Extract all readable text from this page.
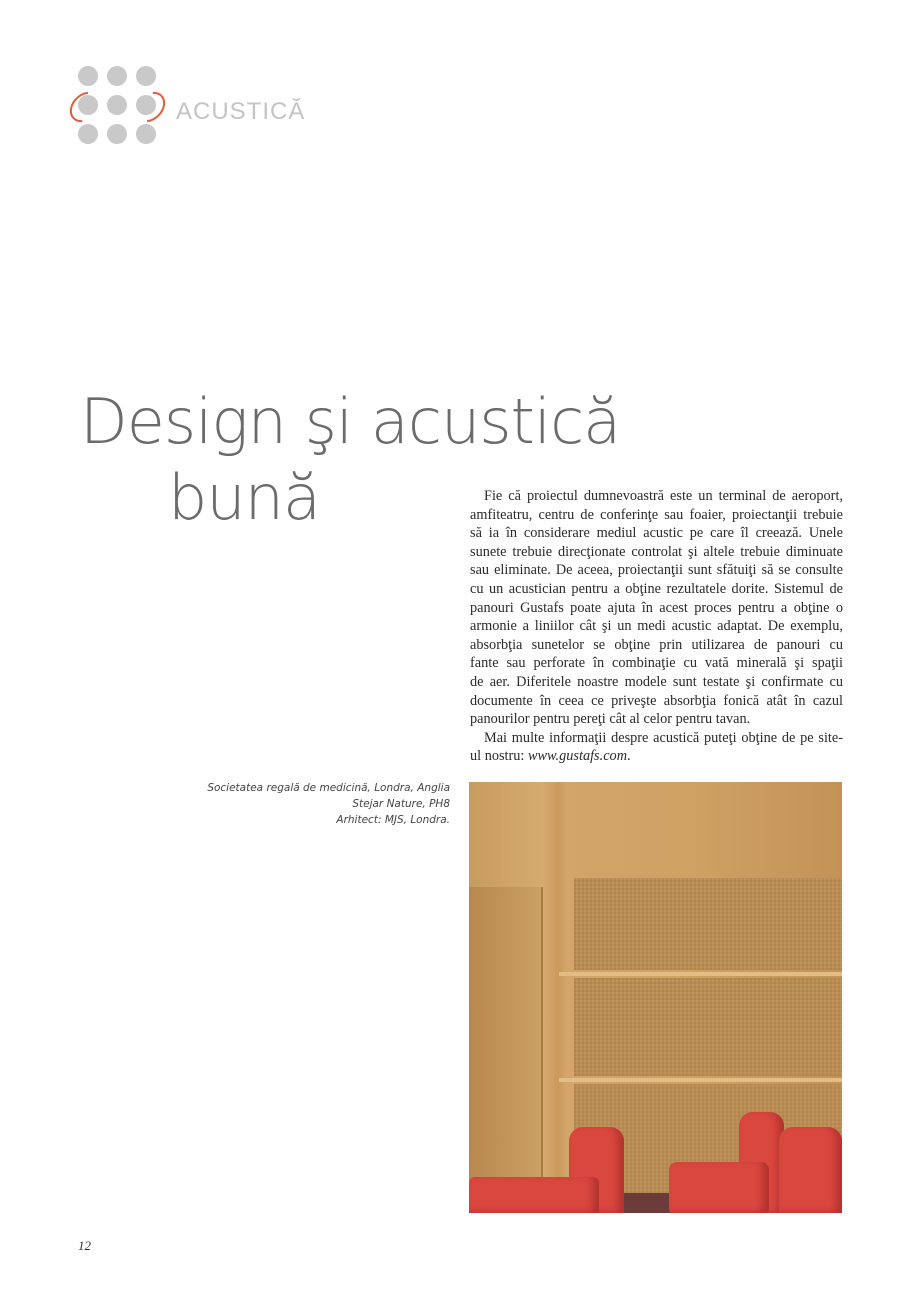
ACUSTICĂ
Design şi acustică
bună	Fie că proiectul dumnevoastră este un terminal de aeroport,
amfiteatru, centru de conferinţe sau foaier, proiectanţii trebuie
să ia în considerare mediul acustic pe care îl creează. Unele
sunete trebuie direcţionate controlat şi altele trebuie diminuate
sau eliminate. De aceea, proiectanţii sunt sfătuiţi să se consulte
cu un acustician pentru a obţine rezultatele dorite. Sistemul de
panouri Gustafs poate ajuta în acest proces pentru a obţine o
armonie a liniilor cât şi un medi acustic adaptat. De exemplu,
absorbţia sunetelor se obţine prin utilizarea de panouri cu
fante sau perforate în combinaţie cu vată minerală şi spaţii
de aer. Diferitele noastre modele sunt testate şi confirmate cu
documente în ceea ce priveşte absorbţia fonică atât în cazul
panourilor pentru pereţi cât al celor pentru tavan.
Mai multe informaţii despre acustică puteţi obţine de pe site-
ul nostru: www.gustafs.com.
Societatea regală de medicină, Londra, Anglia
Stejar Nature, PH8
Arhitect: MJS, Londra.
12
